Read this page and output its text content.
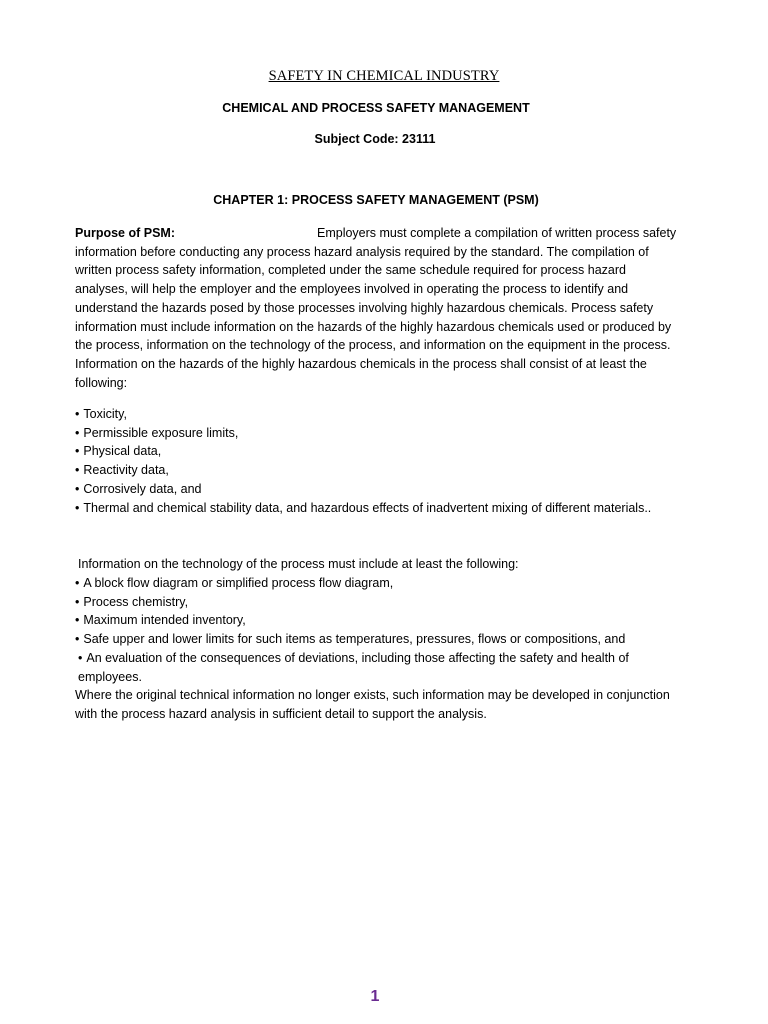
SAFETY IN CHEMICAL INDUSTRY
CHEMICAL AND PROCESS SAFETY MANAGEMENT
Subject Code: 23111
CHAPTER 1: PROCESS SAFETY MANAGEMENT (PSM)
Purpose of PSM:	Employers must complete a compilation of written process safety information before conducting any process hazard analysis required by the standard. The compilation of written process safety information, completed under the same schedule required for process hazard analyses, will help the employer and the employees involved in operating the process to identify and understand the hazards posed by those processes involving highly hazardous chemicals. Process safety information must include information on the hazards of the highly hazardous chemicals used or produced by the process, information on the technology of the process, and information on the equipment in the process. Information on the hazards of the highly hazardous chemicals in the process shall consist of at least the following:
• Toxicity,
• Permissible exposure limits,
• Physical data,
• Reactivity data,
• Corrosively data, and
• Thermal and chemical stability data, and hazardous effects of inadvertent mixing of different materials..
Information on the technology of the process must include at least the following:
• A block flow diagram or simplified process flow diagram,
• Process chemistry,
• Maximum intended inventory,
• Safe upper and lower limits for such items as temperatures, pressures, flows or compositions, and
• An evaluation of the consequences of deviations, including those affecting the safety and health of employees.
Where the original technical information no longer exists, such information may be developed in conjunction with the process hazard analysis in sufficient detail to support the analysis.
1
